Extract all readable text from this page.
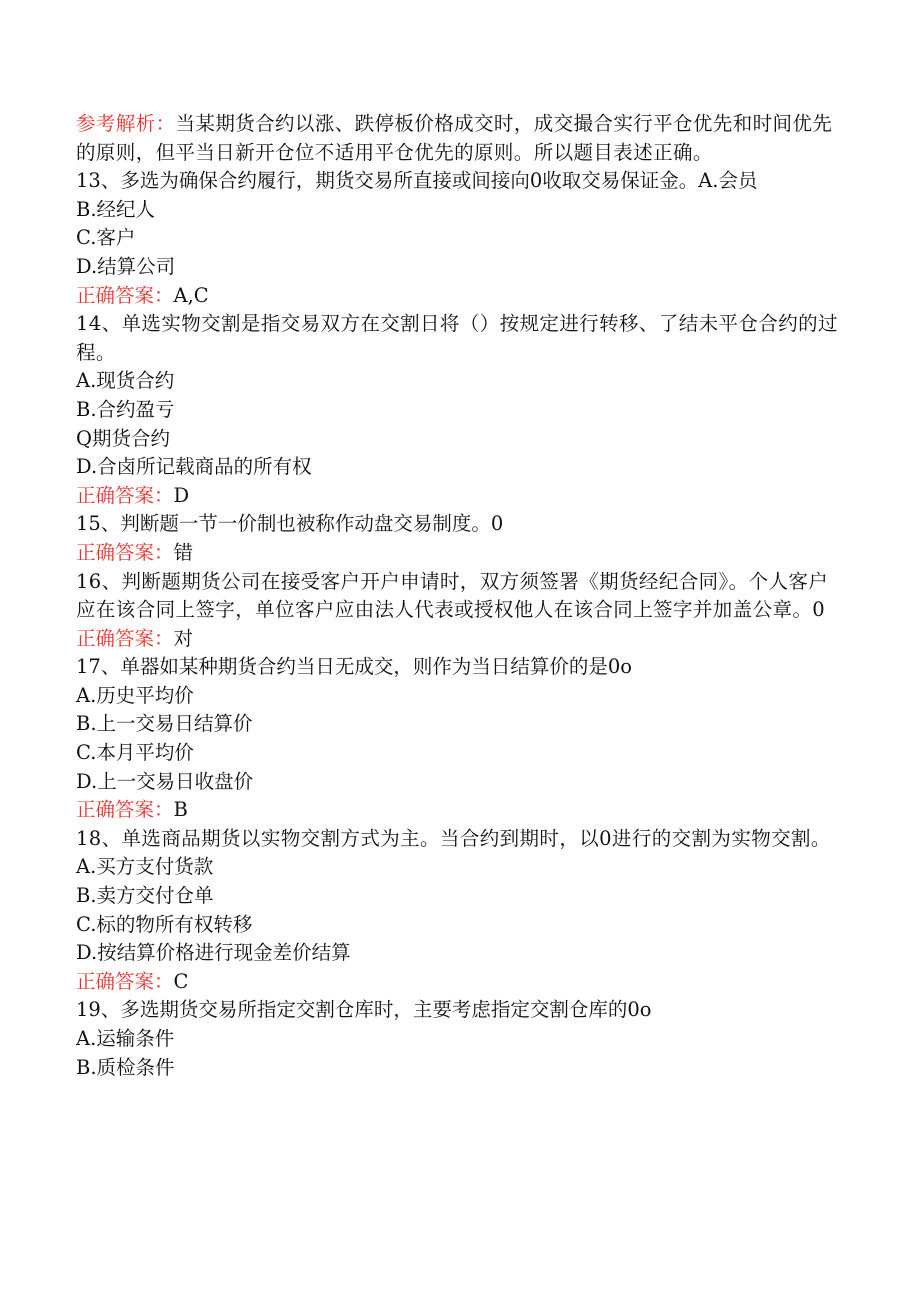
参考解析：当某期货合约以涨、跌停板价格成交时，成交撮合实行平仓优先和时间优先的原则，但平当日新开仓位不适用平仓优先的原则。所以题目表述正确。
13、多选为确保合约履行，期货交易所直接或间接向0收取交易保证金。A.会员
B.经纪人
C.客户
D.结算公司
正确答案：A,C
14、单选实物交割是指交易双方在交割日将（）按规定进行转移、了结未平仓合约的过程。
A.现货合约
B.合约盈亏
Q期货合约
D.合卤所记载商品的所有权
正确答案：D
15、判断题一节一价制也被称作动盘交易制度。0
正确答案：错
16、判断题期货公司在接受客户开户申请时，双方须签署《期货经纪合同》。个人客户应在该合同上签字，单位客户应由法人代表或授权他人在该合同上签字并加盖公章。0
正确答案：对
17、单器如某种期货合约当日无成交，则作为当日结算价的是0o
A.历史平均价
B.上一交易日结算价
C.本月平均价
D.上一交易日收盘价
正确答案：B
18、单选商品期货以实物交割方式为主。当合约到期时，以0进行的交割为实物交割。
A.买方支付货款
B.卖方交付仓单
C.标的物所有权转移
D.按结算价格进行现金差价结算
正确答案：C
19、多选期货交易所指定交割仓库时，主要考虑指定交割仓库的0o
A.运输条件
B.质检条件
